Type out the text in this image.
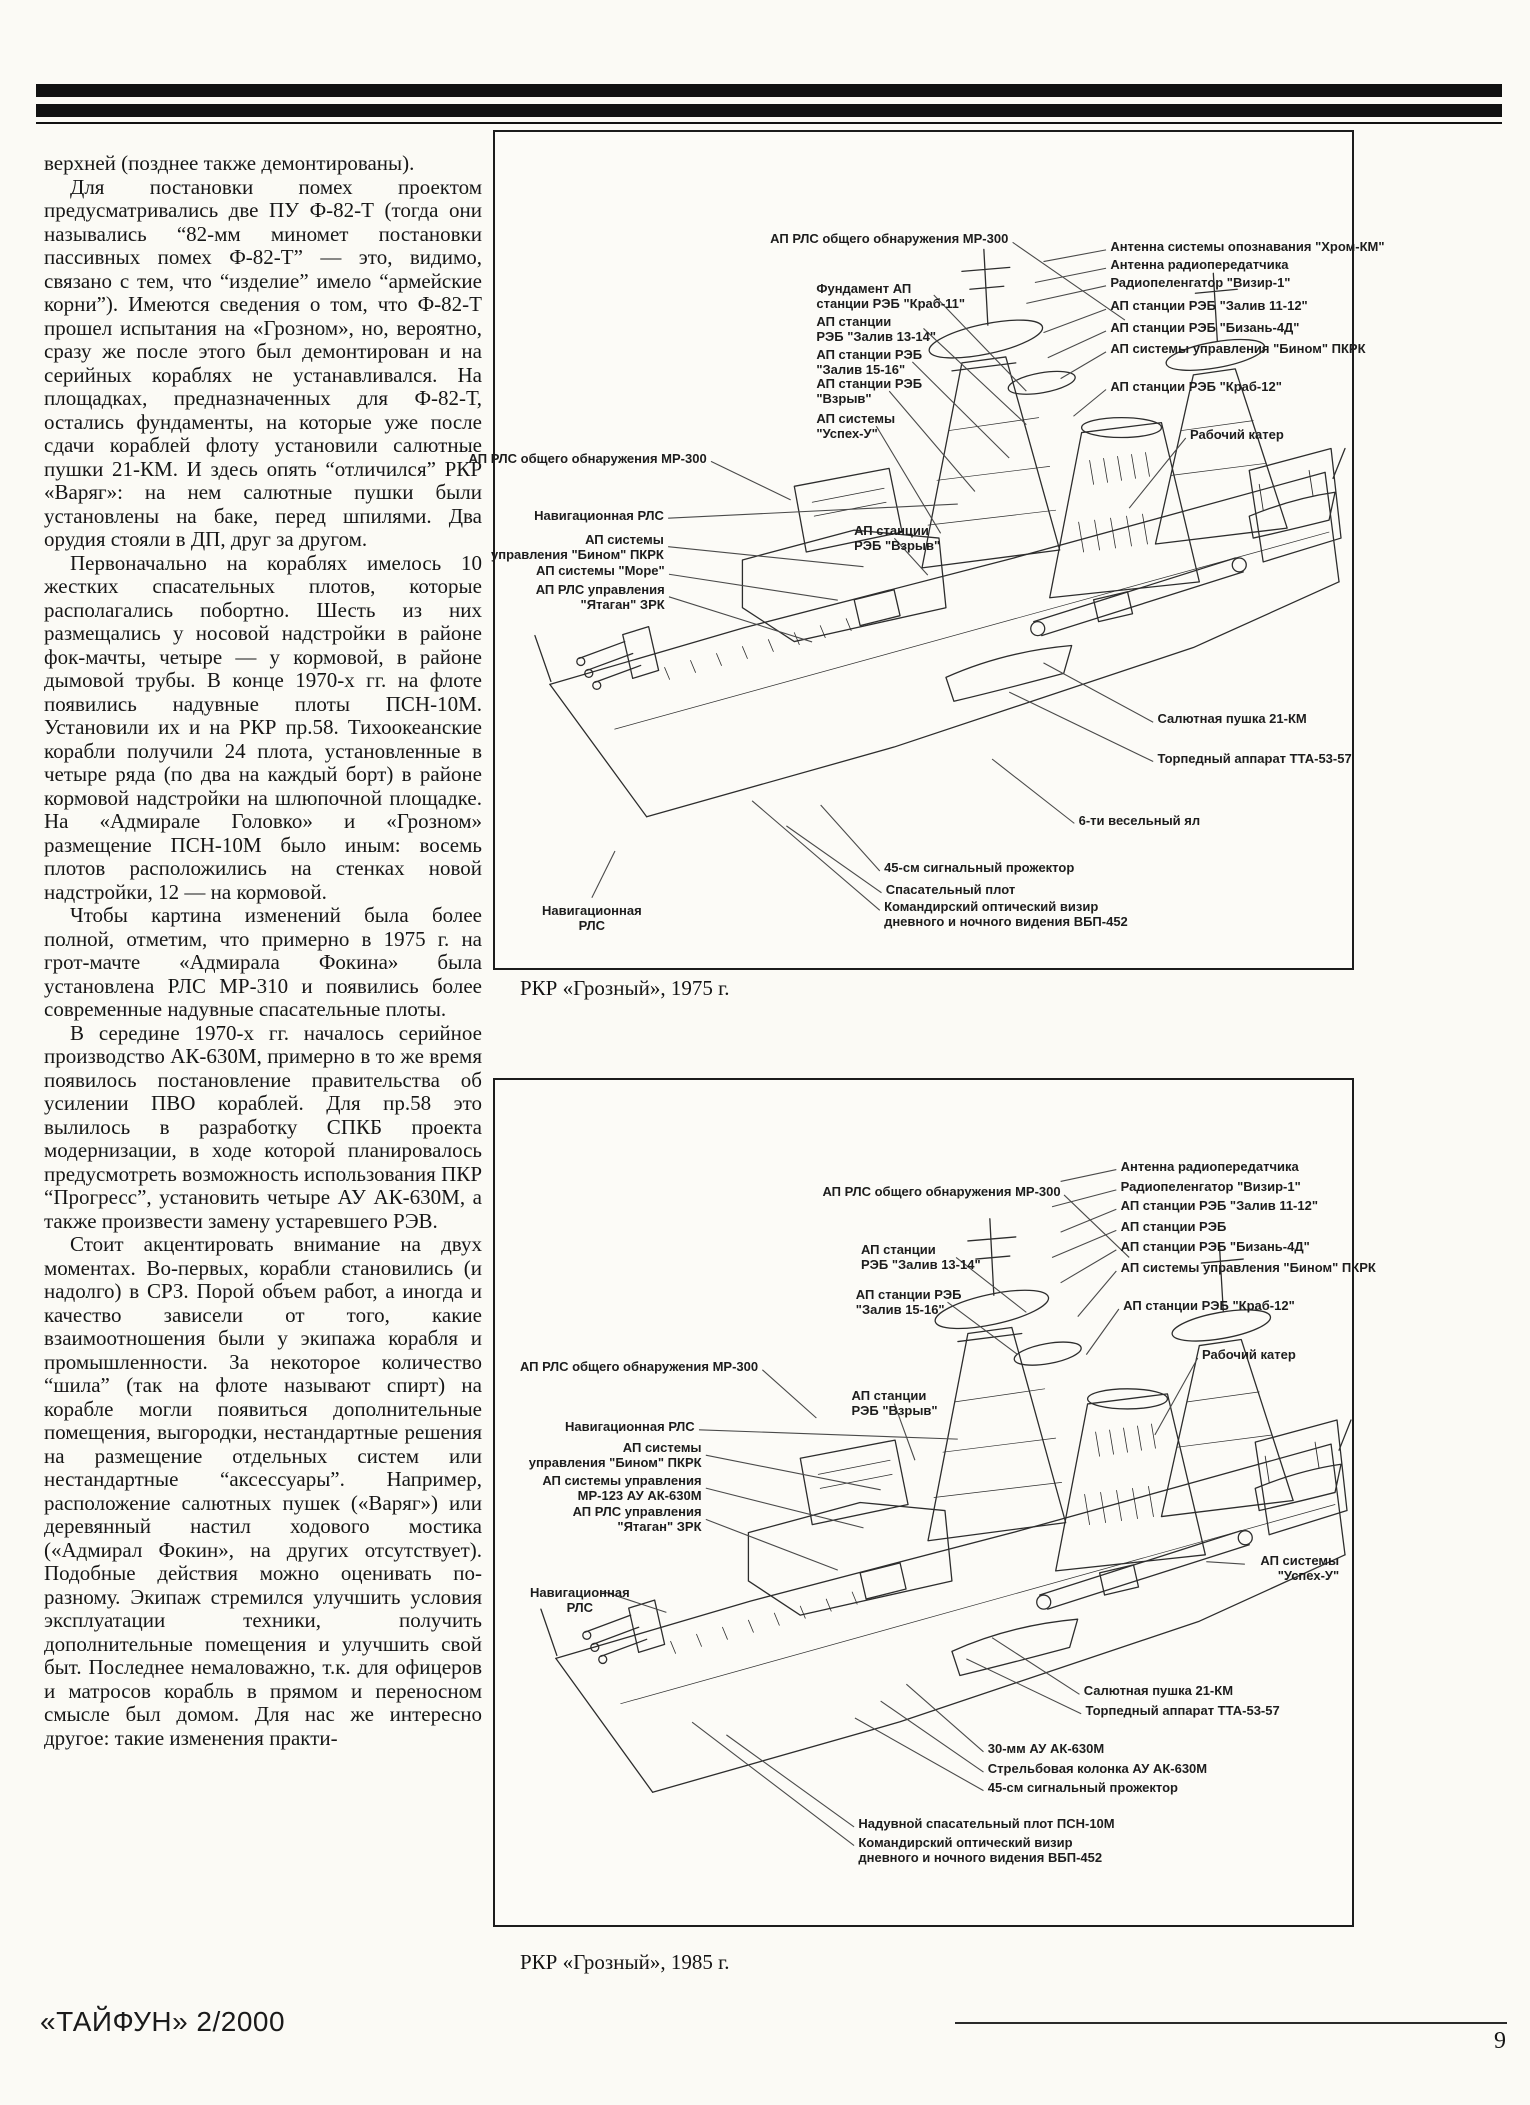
верхней (позднее также демонтированы).

Для постановки помех проектом предусматривались две ПУ Ф-82-Т (тогда они назывались “82-мм миномет постановки пассивных помех Ф-82-Т” — это, видимо, связано с тем, что “изделие” имело “армейские корни”). Имеются сведения о том, что Ф-82-Т прошел испытания на «Грозном», но, вероятно, сразу же после этого был демонтирован и на серийных кораблях не устанавливался. На площадках, предназначенных для Ф-82-Т, остались фундаменты, на которые уже после сдачи кораблей флоту установили салютные пушки 21-КМ. И здесь опять “отличился” РКР «Варяг»: на нем салютные пушки были установлены на баке, перед шпилями. Два орудия стояли в ДП, друг за другом.

Первоначально на кораблях имелось 10 жестких спасательных плотов, которые располагались побортно. Шесть из них размещались у носовой надстройки в районе фок-мачты, четыре — у кормовой, в районе дымовой трубы. В конце 1970-х гг. на флоте появились надувные плоты ПСН-10М. Установили их и на РКР пр.58. Тихоокеанские корабли получили 24 плота, установленные в четыре ряда (по два на каждый борт) в районе кормовой надстройки на шлюпочной площадке. На «Адмирале Головко» и «Грозном» размещение ПСН-10М было иным: восемь плотов расположились на стенках новой надстройки, 12 — на кормовой.

Чтобы картина изменений была более полной, отметим, что примерно в 1975 г. на грот-мачте «Адмирала Фокина» была установлена РЛС МР-310 и появились более современные надувные спасательные плоты.

В середине 1970-х гг. началось серийное производство АК-630М, примерно в то же время появилось постановление правительства об усилении ПВО кораблей. Для пр.58 это вылилось в разработку СПКБ проекта модернизации, в ходе которой планировалось предусмотреть возможность использования ПКР “Прогресс”, установить четыре АУ АК-630М, а также произвести замену устаревшего РЭВ.

Стоит акцентировать внимание на двух моментах. Во-первых, корабли становились (и надолго) в СРЗ. Порой объем работ, а иногда и качество зависели от того, какие взаимоотношения были у экипажа корабля и промышленности. За некоторое количество “шила” (так на флоте называют спирт) на корабле могли появиться дополнительные помещения, выгородки, нестандартные решения на размещение отдельных систем или нестандартные “аксессуары”. Например, расположение салютных пушек («Варяг») или деревянный настил ходового мостика («Адмирал Фокин», на других отсутствует). Подобные действия можно оценивать по-разному. Экипаж стремился улучшить условия эксплуатации техники, получить дополнительные помещения и улучшить свой быт. Последнее немаловажно, т.к. для офицеров и матросов корабль в прямом и переносном смысле был домом. Для нас же интересно другое: такие изменения практи-

АП РЛС общего обнаружения МР-300
Фундамент АП
станции РЭБ "Краб-11"
АП станции
РЭБ "Залив 13-14"
АП станции РЭБ
"Залив 15-16"
АП станции РЭБ
"Взрыв"
АП системы
"Успех-У"
АП РЛС общего обнаружения МР-300
Навигационная РЛС
АП системы
управления "Бином" ПКРК
АП системы "Море"
АП РЛС управления
"Ятаган" ЗРК
АП станции
РЭБ "Взрыв"
Антенна системы опознавания "Хром-КМ"
Антенна радиопередатчика
Радиопеленгатор "Визир-1"
АП станции РЭБ "Залив 11-12"
АП станции РЭБ "Бизань-4Д"
АП системы управления "Бином" ПКРК
АП станции РЭБ "Краб-12"
Рабочий катер
Салютная пушка 21-КМ
Торпедный аппарат ТТА-53-57
6-ти весельный ял
45-см сигнальный прожектор
Спасательный плот
Командирский оптический визир
дневного и ночного видения ВБП-452
Навигационная
РЛС
РКР «Грозный», 1975 г.
АП РЛС общего обнаружения МР-300
Антенна радиопередатчика
Радиопеленгатор "Визир-1"
АП станции РЭБ "Залив 11-12"
АП станции РЭБ
АП станции РЭБ "Бизань-4Д"
АП системы управления "Бином" ПКРК
АП станции РЭБ "Краб-12"
Рабочий катер
АП станции
РЭБ "Залив 13-14"
АП станции РЭБ
"Залив 15-16"
АП РЛС общего обнаружения МР-300
Навигационная РЛС
АП системы
управления "Бином" ПКРК
АП системы управления
МР-123 АУ АК-630М
АП РЛС управления
"Ятаган" ЗРК
АП станции
РЭБ "Взрыв"
Навигационная
РЛС
АП системы
"Успех-У"
Салютная пушка 21-КМ
Торпедный аппарат ТТА-53-57
30-мм АУ АК-630М
Стрельбовая колонка АУ АК-630М
45-см сигнальный прожектор
Надувной спасательный плот ПСН-10М
Командирский оптический визир
дневного и ночного видения ВБП-452
РКР «Грозный», 1985 г.
«ТАЙФУН» 2/2000
9
